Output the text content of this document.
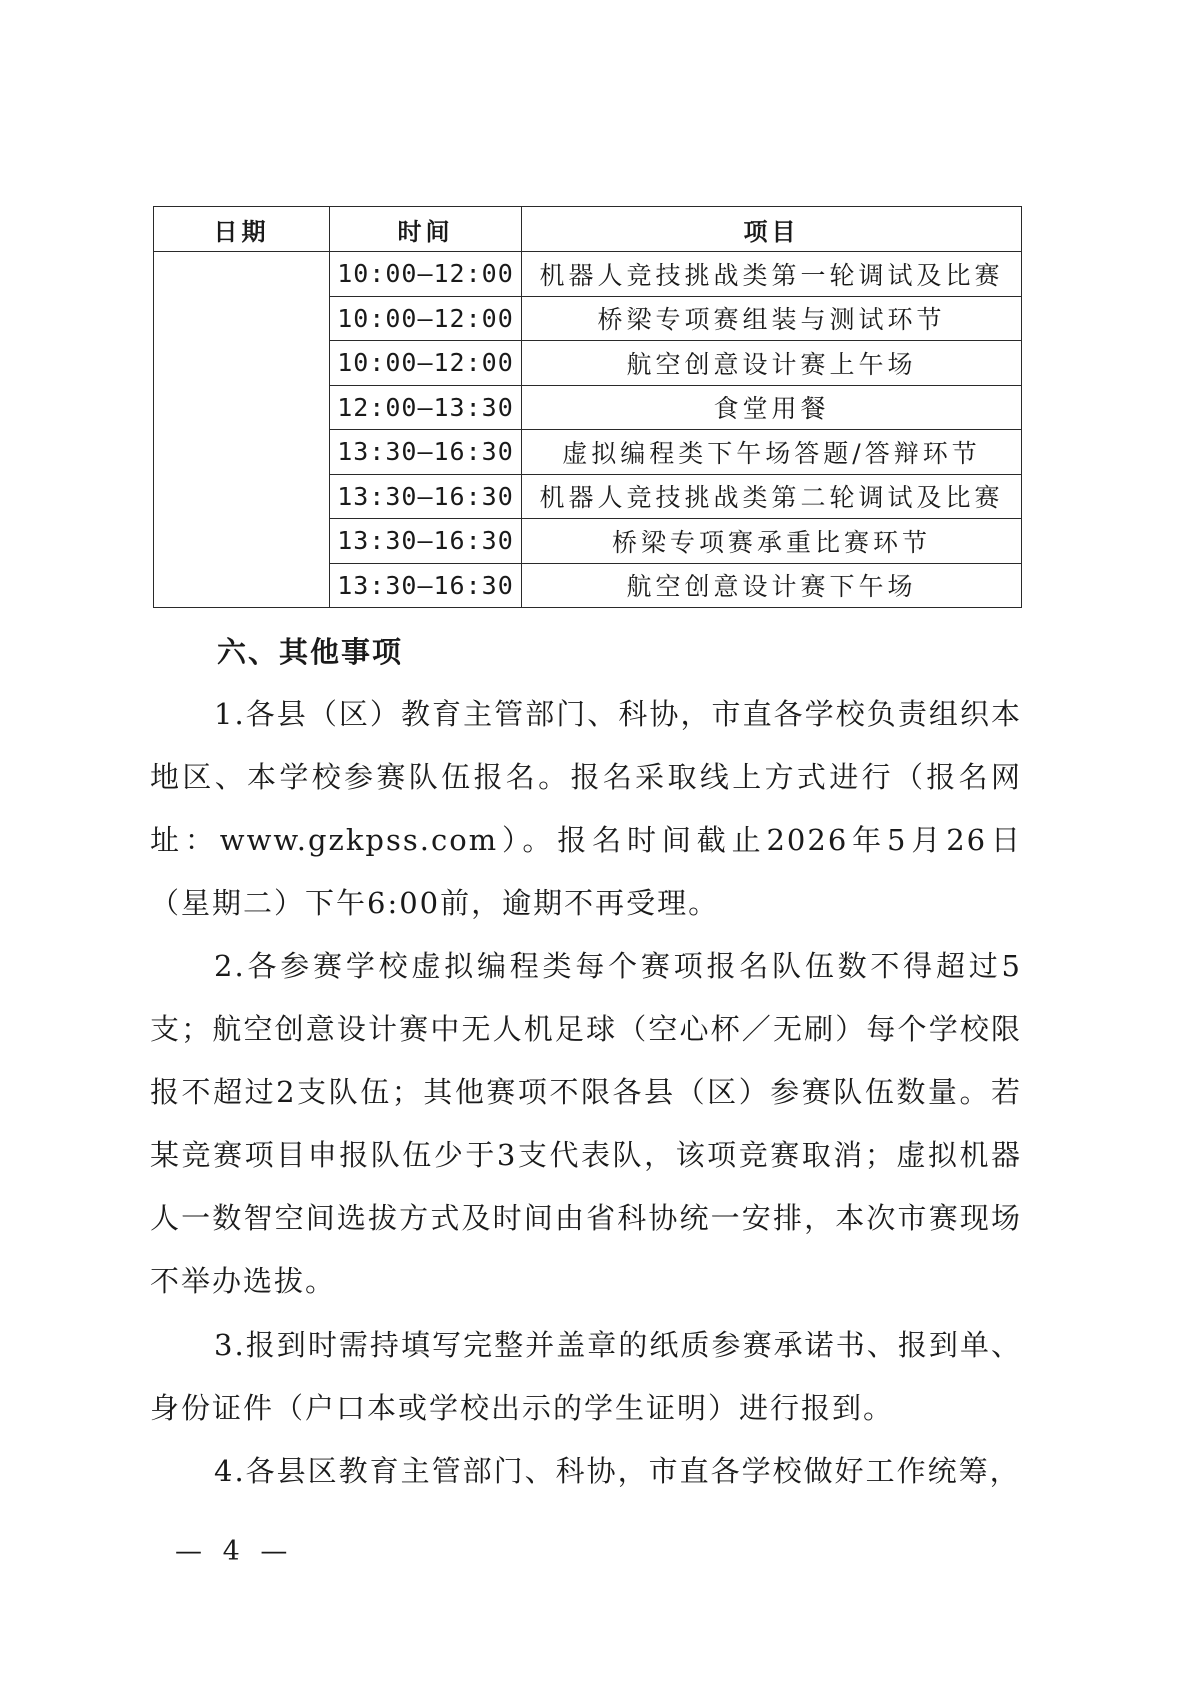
日期	时间	项目
	10:00—12:00	机器人竞技挑战类第一轮调试及比赛
	10:00—12:00	桥梁专项赛组装与测试环节
	10:00—12:00	航空创意设计赛上午场
	12:00—13:30	食堂用餐
	13:30—16:30	虚拟编程类下午场答题/答辩环节
	13:30—16:30	机器人竞技挑战类第二轮调试及比赛
	13:30—16:30	桥梁专项赛承重比赛环节
	13:30—16:30	航空创意设计赛下午场
六、其他事项

1.各县（区）教育主管部门、科协，市直各学校负责组织本地区、本学校参赛队伍报名。报名采取线上方式进行（报名网址：www.gzkpss.com）。报名时间截止2026年5月26日（星期二）下午6:00前，逾期不再受理。

2.各参赛学校虚拟编程类每个赛项报名队伍数不得超过5支；航空创意设计赛中无人机足球（空心杯／无刷）每个学校限报不超过2支队伍；其他赛项不限各县（区）参赛队伍数量。若某竞赛项目申报队伍少于3支代表队，该项竞赛取消；虚拟机器人一数智空间选拔方式及时间由省科协统一安排，本次市赛现场不举办选拔。

3.报到时需持填写完整并盖章的纸质参赛承诺书、报到单、身份证件（户口本或学校出示的学生证明）进行报到。

4.各县区教育主管部门、科协，市直各学校做好工作统筹，

— 4 —
